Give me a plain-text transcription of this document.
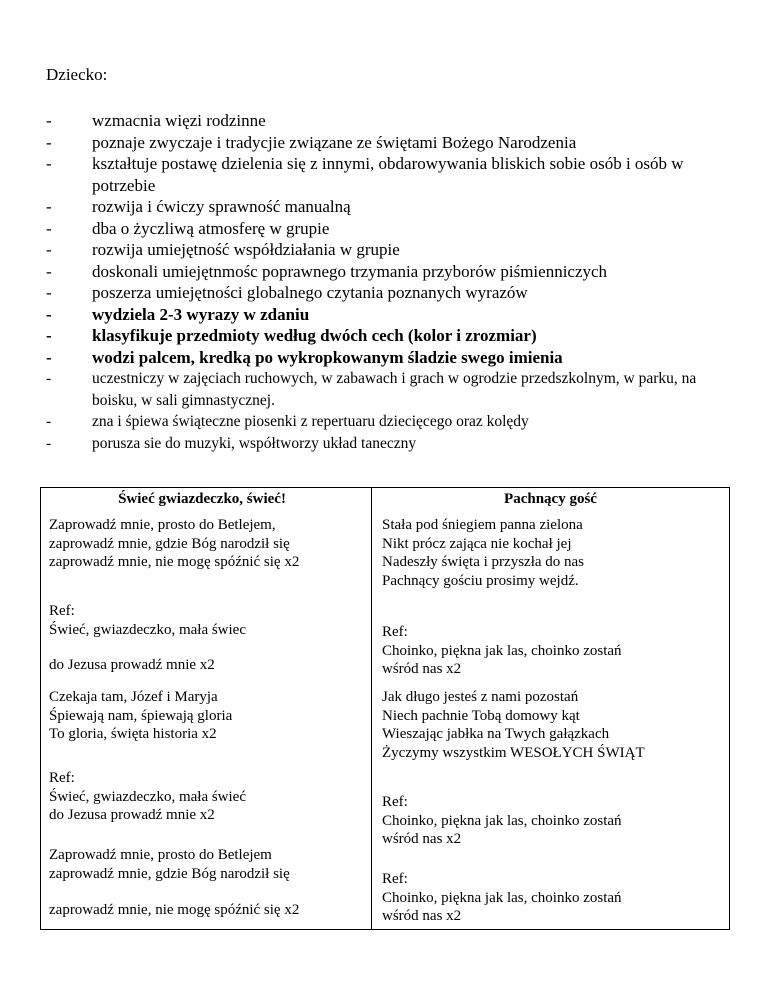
Dziecko:
- wzmacnia więzi rodzinne
- poznaje zwyczaje i tradycjie związane ze świętami Bożego Narodzenia
- kształtuje postawę dzielenia się z innymi, obdarowywania bliskich sobie osób i osób w potrzebie
- rozwija i ćwiczy sprawność manualną
- dba o życzliwą atmosferę w grupie
- rozwija umiejętność współdziałania w grupie
- doskonali umiejętnmośc poprawnego trzymania przyborów piśmienniczych
- poszerza umiejętności globalnego czytania poznanych wyrazów
- wydziela 2-3 wyrazy w zdaniu
- klasyfikuje przedmioty według dwóch cech (kolor i zrozmiar)
- wodzi palcem, kredką po wykropkowanym śladzie swego imienia
- uczestniczy w zajęciach ruchowych, w zabawach i grach w ogrodzie przedszkolnym, w parku, na boisku, w sali gimnastycznej.
- zna i śpiewa świąteczne piosenki z repertuaru dziecięcego oraz kolędy
- porusza sie do muzyki, współtworzy układ taneczny
Świeć gwiazdeczko, świeć!
Zaprowadź mnie, prosto do Betlejem,
zaprowadź mnie, gdzie Bóg narodził się
zaprowadź mnie, nie mogę spóźnić się x2
Ref:
Świeć, gwiazdeczko, mała świec
do Jezusa prowadź mnie x2
Czekaja tam, Józef i Maryja
Śpiewają nam, śpiewają gloria
To gloria, święta historia x2
Ref:
Świeć, gwiazdeczko, mała świeć
do Jezusa prowadź mnie x2
Zaprowadź mnie, prosto do Betlejem
zaprowadź mnie, gdzie Bóg narodził się
zaprowadź mnie, nie mogę spóźnić się x2
Pachnący gość
Stała pod śniegiem panna zielona
Nikt prócz zająca nie kochał jej
Nadeszły święta i przyszła do nas
Pachnący gościu prosimy wejdź.
Ref:
Choinko, piękna jak las, choinko zostań
wśród nas x2
Jak długo jesteś z nami pozostań
Niech pachnie Tobą domowy kąt
Wieszając jabłka na Twych gałązkach
Życzymy wszystkim WESOŁYCH ŚWIĄT
Ref:
Choinko, piękna jak las, choinko zostań
wśród nas x2
Ref:
Choinko, piękna jak las, choinko zostań
wśród nas x2
